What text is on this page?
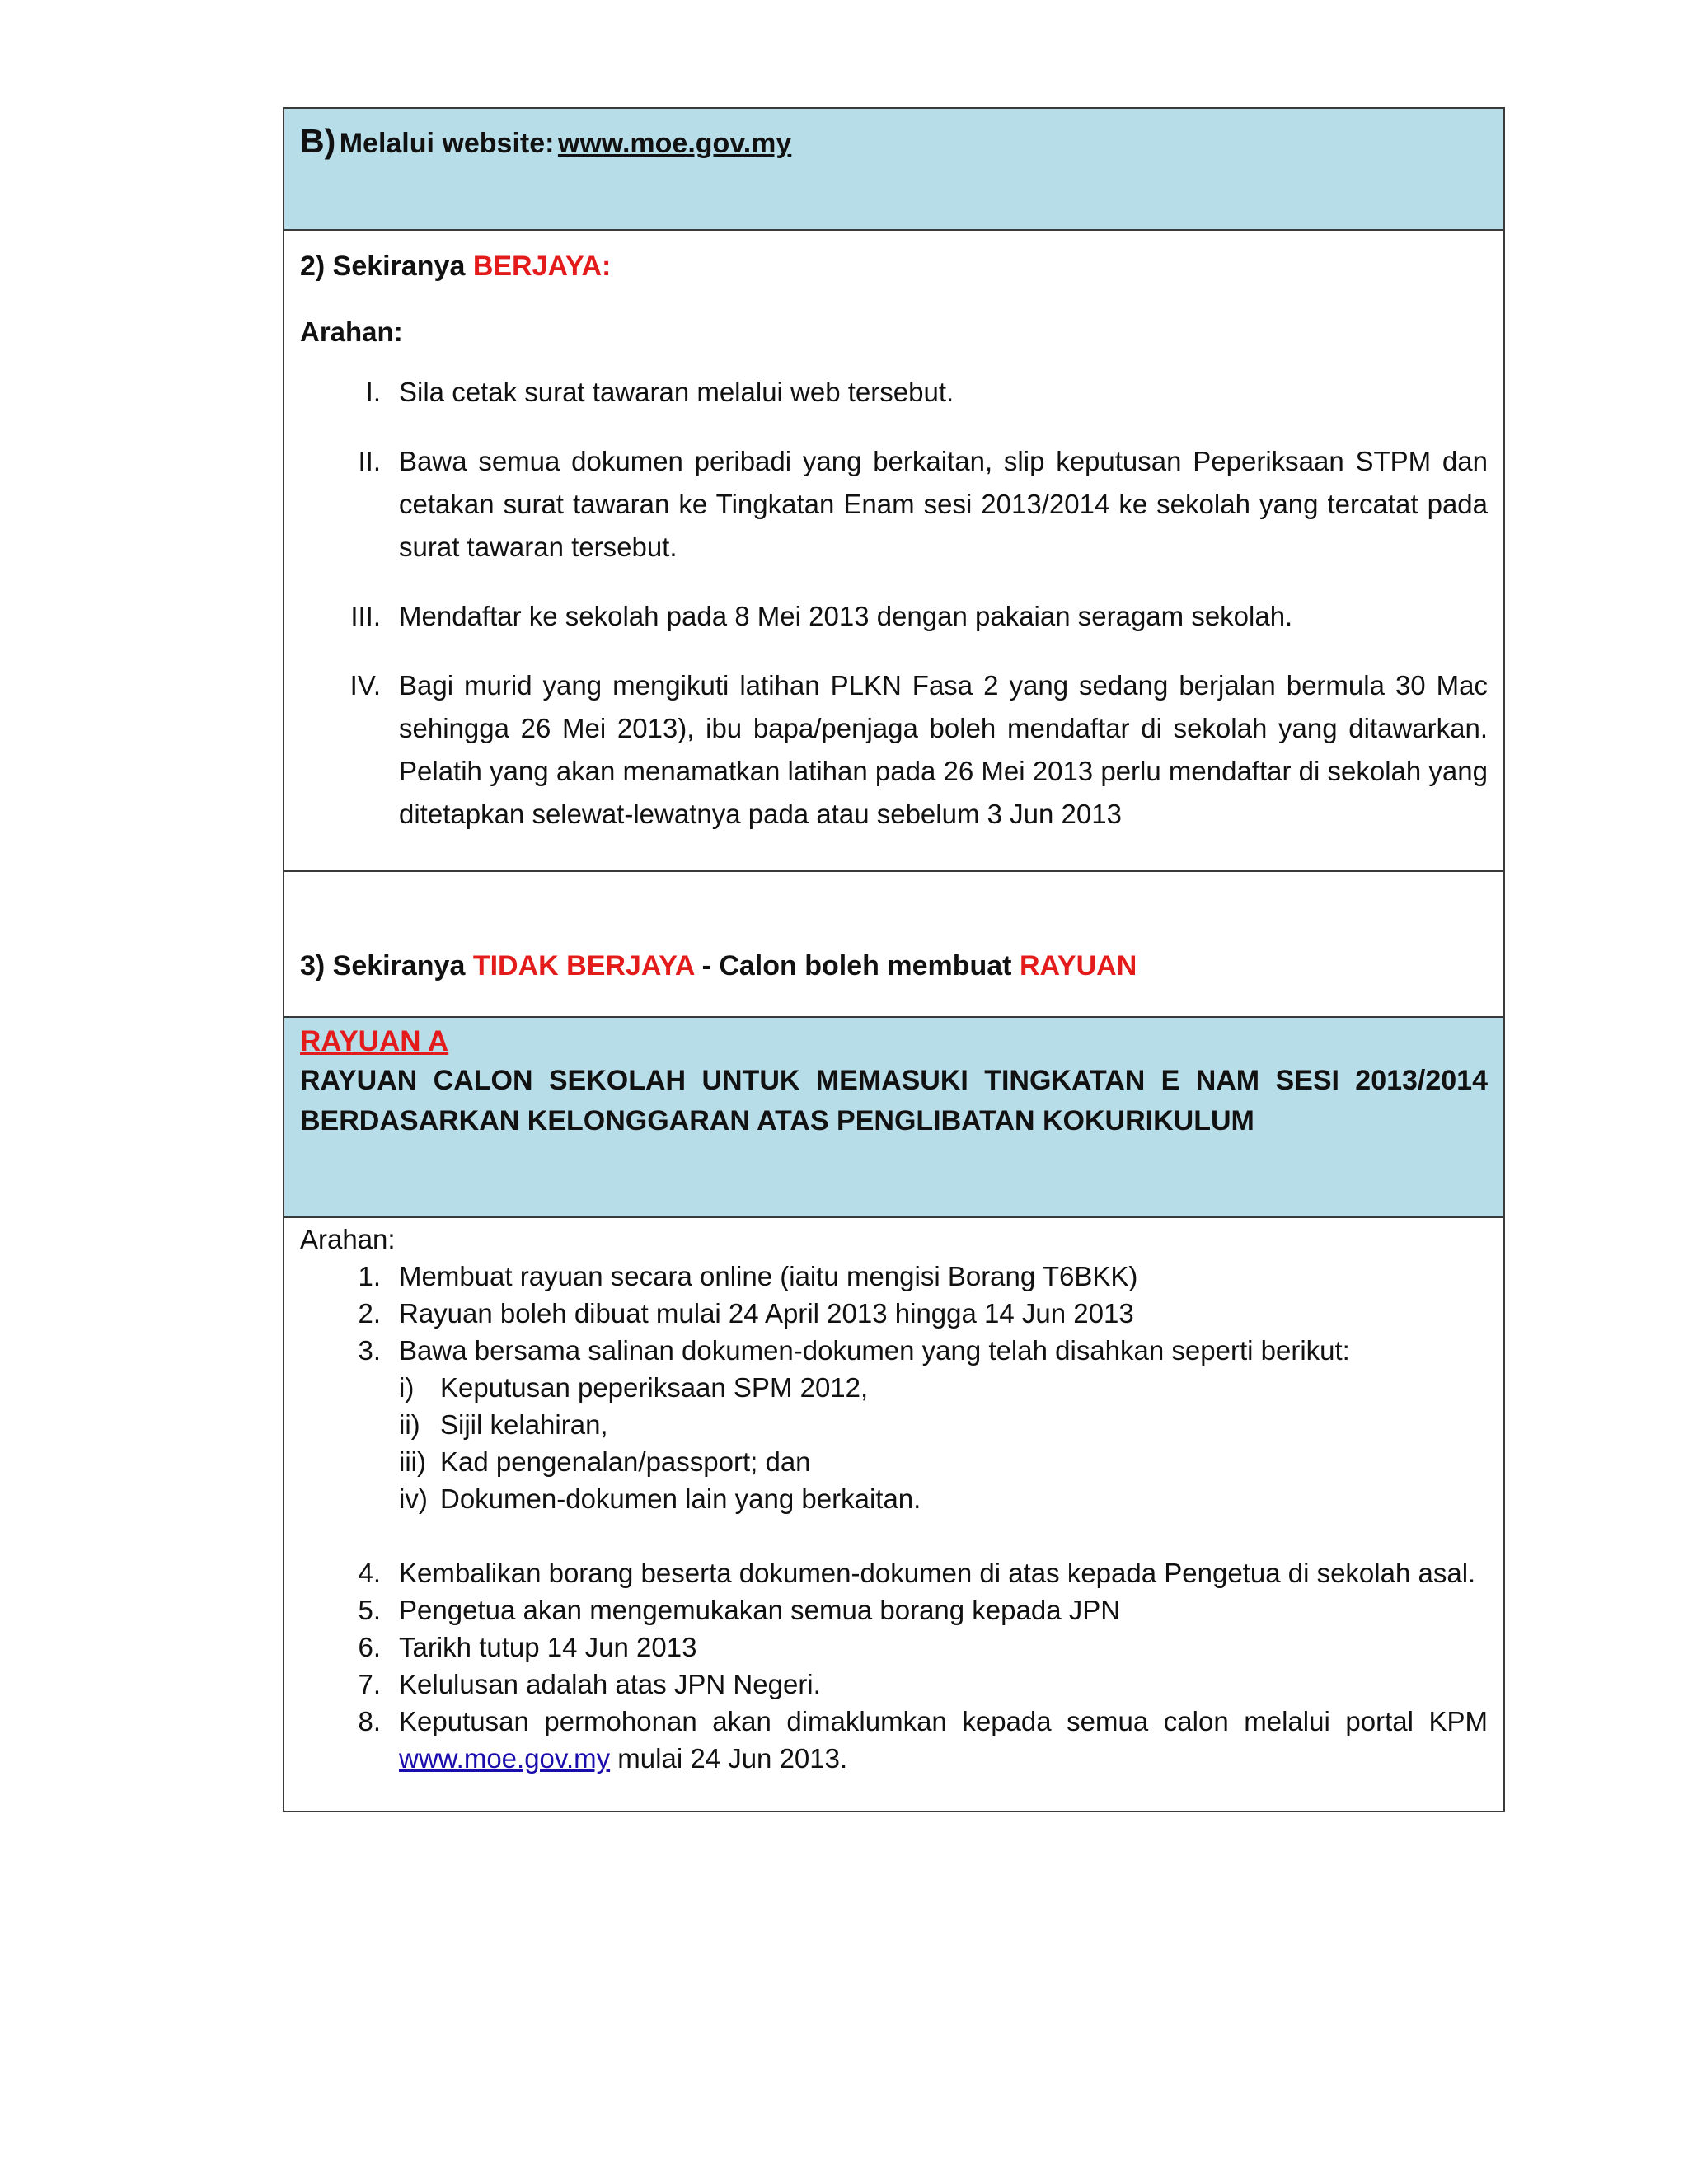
B) Melalui website: www.moe.gov.my

2) Sekiranya BERJAYA:

Arahan:

I. Sila cetak surat tawaran melalui web tersebut.
II. Bawa semua dokumen peribadi yang berkaitan, slip keputusan Peperiksaan STPM dan cetakan surat tawaran ke Tingkatan Enam sesi 2013/2014 ke sekolah yang tercatat pada surat tawaran tersebut.
III. Mendaftar ke sekolah pada 8 Mei 2013 dengan pakaian seragam sekolah.
IV. Bagi murid yang mengikuti latihan PLKN Fasa 2 yang sedang berjalan bermula 30 Mac sehingga 26 Mei 2013), ibu bapa/penjaga boleh mendaftar di sekolah yang ditawarkan. Pelatih yang akan menamatkan latihan pada 26 Mei 2013 perlu mendaftar di sekolah yang ditetapkan selewat-lewatnya pada atau sebelum 3 Jun 2013
3) Sekiranya TIDAK BERJAYA - Calon boleh membuat RAYUAN
RAYUAN A
RAYUAN CALON SEKOLAH UNTUK MEMASUKI TINGKATAN E NAM SESI 2013/2014 BERDASARKAN KELONGGARAN ATAS PENGLIBATAN KOKURIKULUM
Arahan:
1. Membuat rayuan secara online (iaitu mengisi Borang T6BKK)
2. Rayuan boleh dibuat mulai 24 April 2013 hingga 14 Jun 2013
3. Bawa bersama salinan dokumen-dokumen yang telah disahkan seperti berikut:
i) Keputusan peperiksaan SPM 2012,
ii) Sijil kelahiran,
iii) Kad pengenalan/passport; dan
iv) Dokumen-dokumen lain yang berkaitan.
4. Kembalikan borang beserta dokumen-dokumen di atas kepada Pengetua di sekolah asal.
5. Pengetua akan mengemukakan semua borang kepada JPN
6. Tarikh tutup 14 Jun 2013
7. Kelulusan adalah atas JPN Negeri.
8. Keputusan permohonan akan dimaklumkan kepada semua calon melalui portal KPM www.moe.gov.my mulai 24 Jun 2013.
